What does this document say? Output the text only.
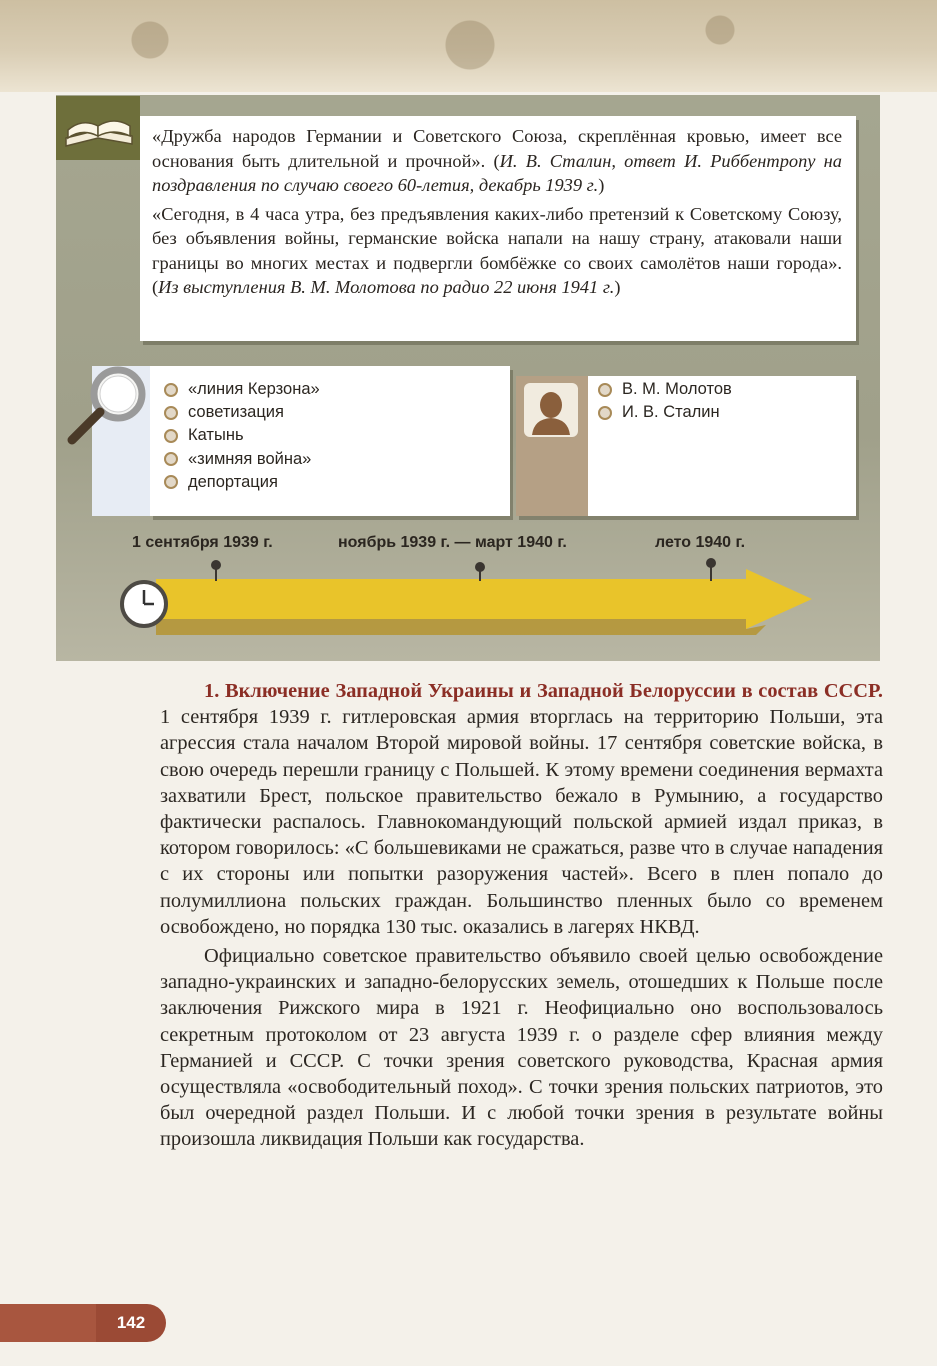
«Дружба народов Германии и Советского Союза, скреплённая кровью, имеет все основания быть длительной и прочной». (И. В. Сталин, ответ И. Риббентропу на поздравления по случаю своего 60-летия, декабрь 1939 г.)

«Сегодня, в 4 часа утра, без предъявления каких-либо претензий к Советскому Союзу, без объявления войны, германские войска напали на нашу страну, атаковали наши границы во многих местах и подвергли бомбёжке со своих самолётов наши города». (Из выступления В. М. Молотова по радио 22 июня 1941 г.)

«линия Керзона»
советизация
Катынь
«зимняя война»
депортация
В. М. Молотов
И. В. Сталин
1 сентября 1939 г.	ноябрь 1939 г. — март 1940 г.	лето 1940 г.

1. Включение Западной Украины и Западной Белоруссии в состав СССР. 1 сентября 1939 г. гитлеровская армия вторглась на территорию Польши, эта агрессия стала началом Второй мировой войны. 17 сентября советские войска, в свою очередь перешли границу с Польшей. К этому времени соединения вермахта захватили Брест, польское правительство бежало в Румынию, а государство фактически распалось. Главнокомандующий польской армией издал приказ, в котором говорилось: «С большевиками не сражаться, разве что в случае нападения с их стороны или попытки разоружения частей». Всего в плен попало до полумиллиона польских граждан. Большинство пленных было со временем освобождено, но порядка 130 тыс. оказались в лагерях НКВД.

Официально советское правительство объявило своей целью освобождение западно-украинских и западно-белорусских земель, отошедших к Польше после заключения Рижского мира в 1921 г. Неофициально оно воспользовалось секретным протоколом от 23 августа 1939 г. о разделе сфер влияния между Германией и СССР. С точки зрения советского руководства, Красная армия осуществляла «освободительный поход». С точки зрения польских патриотов, это был очередной раздел Польши. И с любой точки зрения в результате войны произошла ликвидация Польши как государства.

142
